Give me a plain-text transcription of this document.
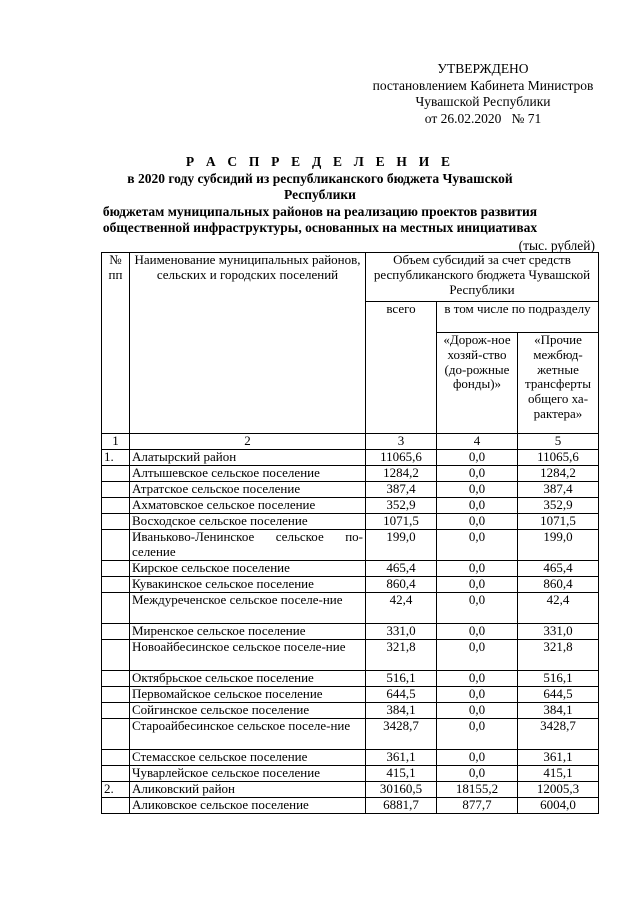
УТВЕРЖДЕНО
постановлением Кабинета Министров
Чувашской Республики
от 26.02.2020   № 71
Р А С П Р Е Д Е Л Е Н И Е
в 2020 году субсидий из республиканского бюджета Чувашской Республики
бюджетам муниципальных районов на реализацию проектов развития
общественной инфраструктуры, основанных на местных инициативах
(тыс. рублей)
№ пп	Наименование муниципальных районов, сельских и городских поселений	Объем субсидий за счет средств республиканского бюджета Чувашской Республики		
		всего	в том числе по подразделу	
			«Дорож-ное хозяй-ство (до-рожные фонды)»	«Прочие межбюд-жетные трансферты общего ха-рактера»
1	2	3	4	5
1.	Алатырский район	11065,6	0,0	11065,6
	Алтышевское сельское поселение	1284,2	0,0	1284,2
	Атратское сельское поселение	387,4	0,0	387,4
	Ахматовское сельское поселение	352,9	0,0	352,9
	Восходское сельское поселение	1071,5	0,0	1071,5
	Иваньково-Ленинское сельское по-селение	199,0	0,0	199,0
	Кирское сельское поселение	465,4	0,0	465,4
	Кувакинское сельское поселение	860,4	0,0	860,4
	Междуреченское сельское поселе-ние	42,4	0,0	42,4
	Миренское сельское поселение	331,0	0,0	331,0
	Новоайбесинское сельское поселе-ние	321,8	0,0	321,8
	Октябрьское сельское поселение	516,1	0,0	516,1
	Первомайское сельское поселение	644,5	0,0	644,5
	Сойгинское сельское поселение	384,1	0,0	384,1
	Староайбесинское сельское поселе-ние	3428,7	0,0	3428,7
	Стемасское сельское поселение	361,1	0,0	361,1
	Чуварлейское сельское поселение	415,1	0,0	415,1
2.	Аликовский район	30160,5	18155,2	12005,3
	Аликовское сельское поселение	6881,7	877,7	6004,0
